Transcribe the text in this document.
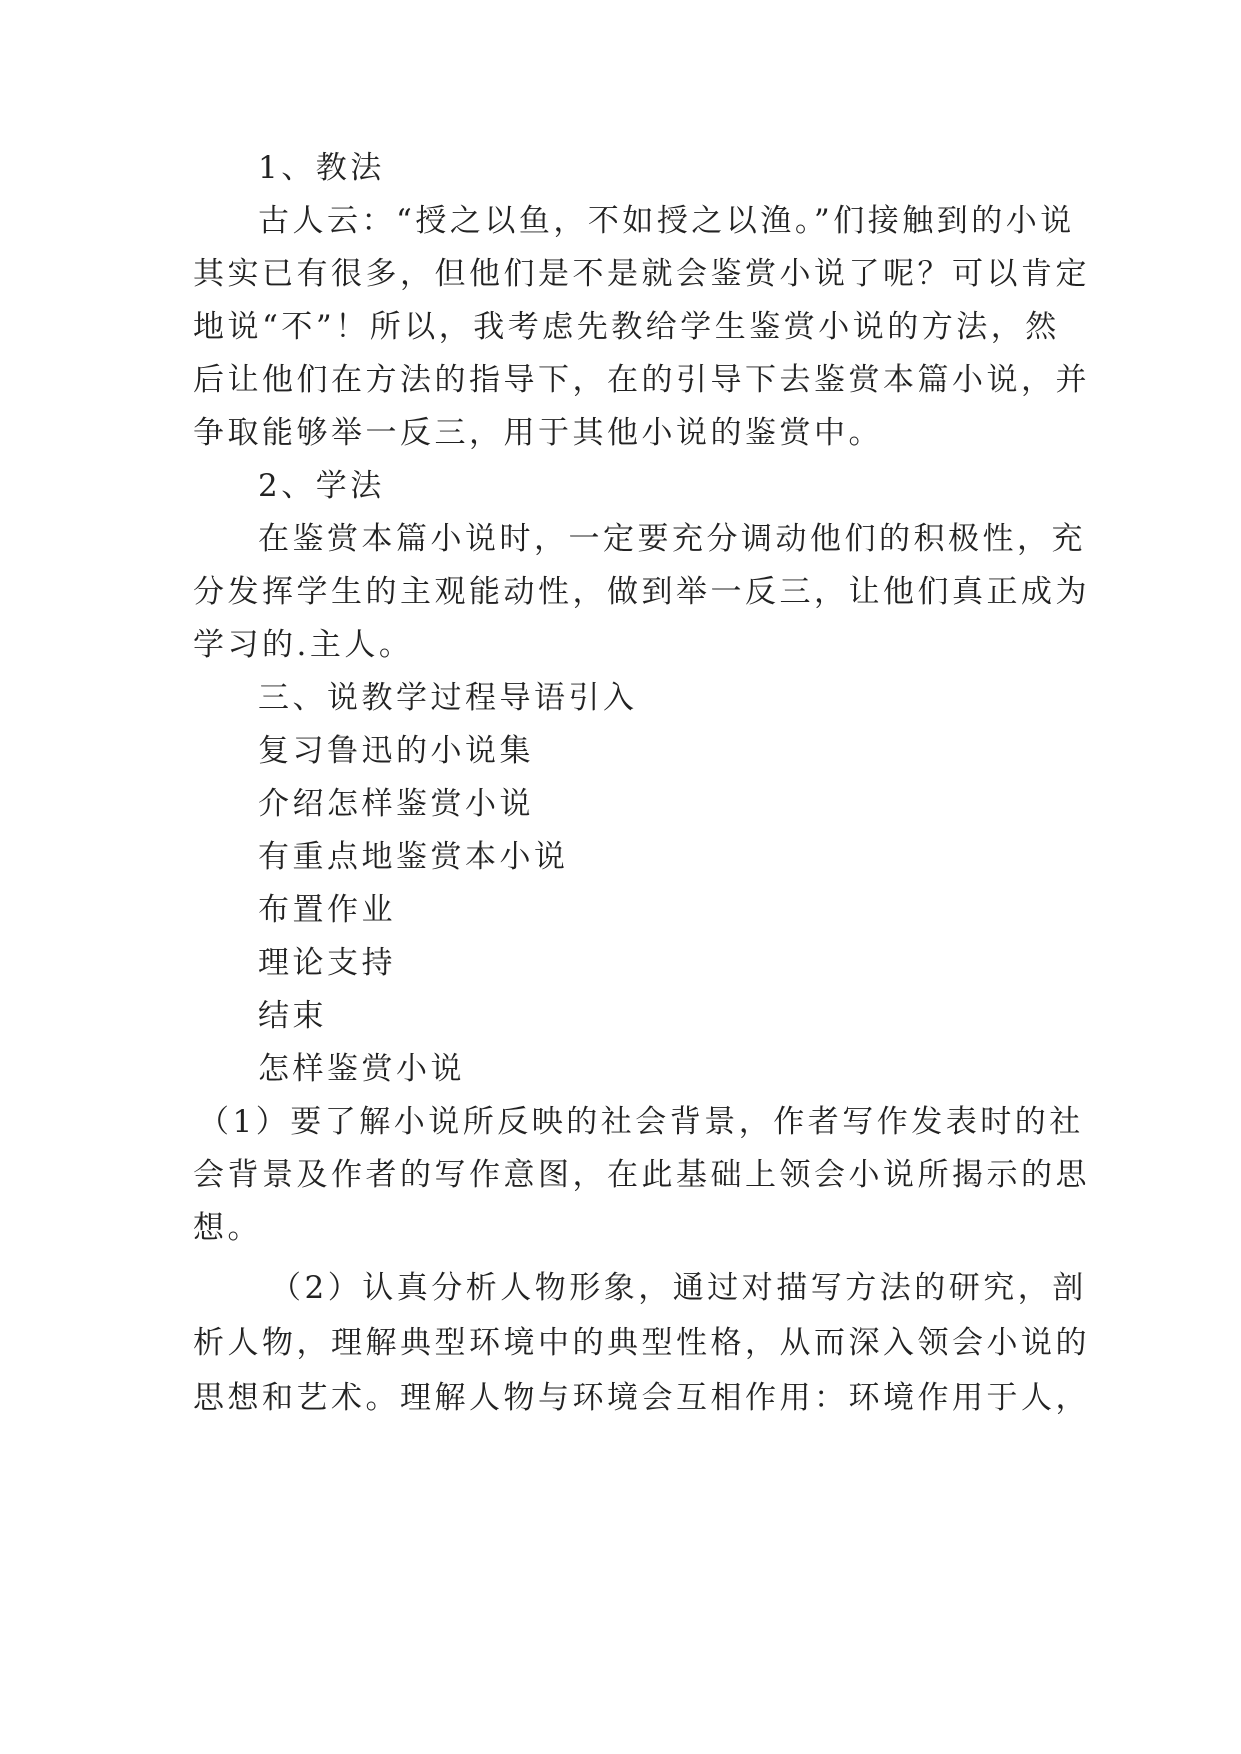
1、教法
古人云：“授之以鱼，不如授之以渔。”们接触到的小说
其实已有很多，但他们是不是就会鉴赏小说了呢？可以肯定
地说“不”！所以，我考虑先教给学生鉴赏小说的方法，然
后让他们在方法的指导下，在的引导下去鉴赏本篇小说，并
争取能够举一反三，用于其他小说的鉴赏中。
2、学法
在鉴赏本篇小说时，一定要充分调动他们的积极性，充
分发挥学生的主观能动性，做到举一反三，让他们真正成为
学习的.主人。
三、说教学过程导语引入
复习鲁迅的小说集
介绍怎样鉴赏小说
有重点地鉴赏本小说
布置作业
理论支持
结束
怎样鉴赏小说
（1）要了解小说所反映的社会背景，作者写作发表时的社
会背景及作者的写作意图，在此基础上领会小说所揭示的思
想。
（2）认真分析人物形象，通过对描写方法的研究，剖
析人物，理解典型环境中的典型性格，从而深入领会小说的
思想和艺术。理解人物与环境会互相作用：环境作用于人，
